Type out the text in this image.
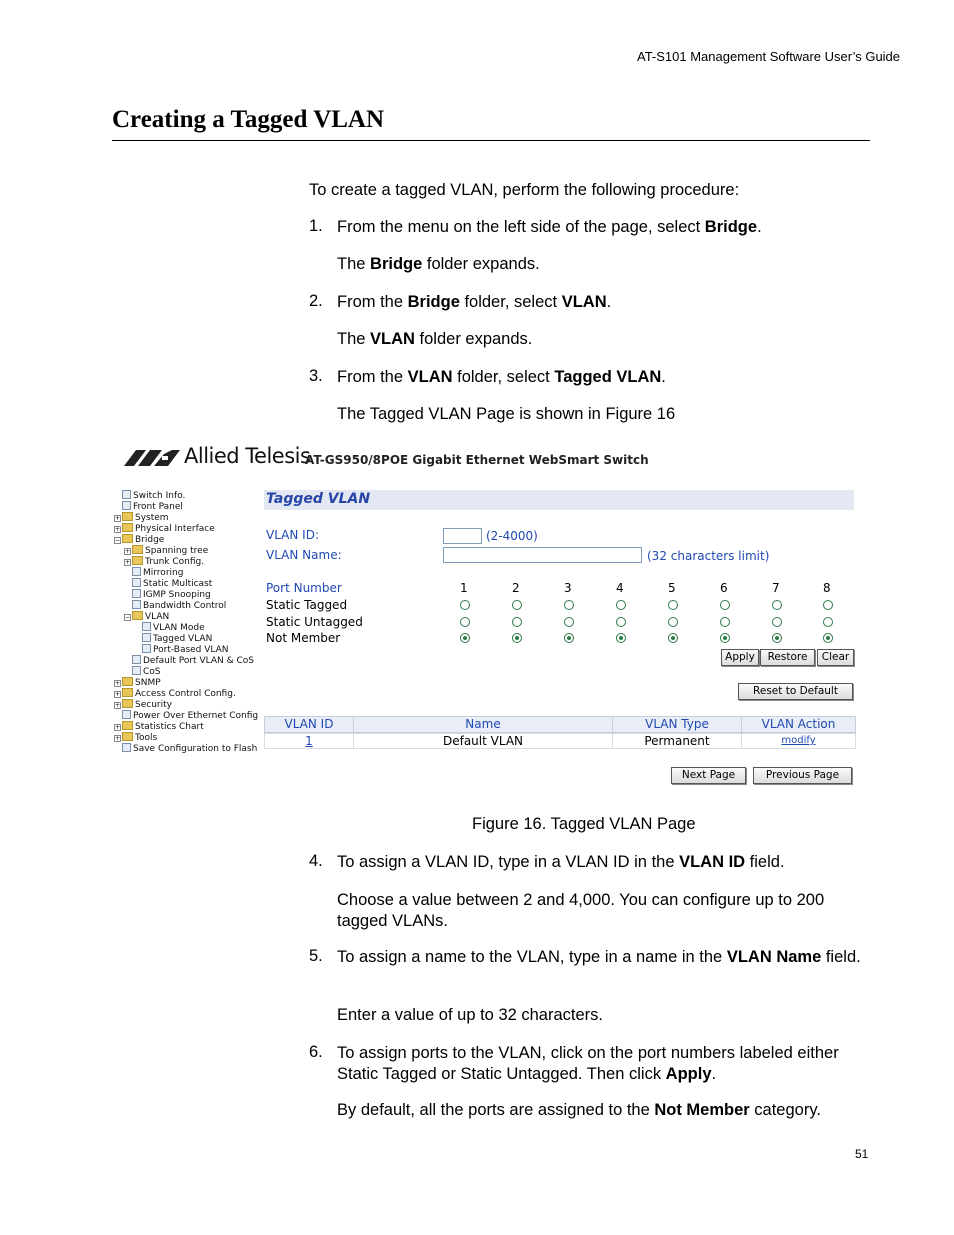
AT-S101 Management Software User’s Guide
Creating a Tagged VLAN
To create a tagged VLAN, perform the following procedure:
1. From the menu on the left side of the page, select Bridge.
The Bridge folder expands.
2. From the Bridge folder, select VLAN.
The VLAN folder expands.
3. From the VLAN folder, select Tagged VLAN.
The Tagged VLAN Page is shown in Figure 16
Allied Telesis
AT-GS950/8POE Gigabit Ethernet WebSmart Switch
Switch Info.
Front Panel
+ System
+ Physical Interface
− Bridge
+ Spanning tree
+ Trunk Config.
Mirroring
Static Multicast
IGMP Snooping
Bandwidth Control
− VLAN
VLAN Mode
Tagged VLAN
Port-Based VLAN
Default Port VLAN & CoS
CoS
+ SNMP
+ Access Control Config.
+ Security
Power Over Ethernet Config
+ Statistics Chart
+ Tools
Save Configuration to Flash
Tagged VLAN
VLAN ID:	(2-4000)
VLAN Name:	(32 characters limit)
Port Number	1	2	3	4	5	6	7	8
Static Tagged
Static Untagged
Not Member
Apply	Restore	Clear
Reset to Default
VLAN ID	Name	VLAN Type	VLAN Action
1	Default VLAN	Permanent	modify
Next Page	Previous Page
Figure 16. Tagged VLAN Page
4. To assign a VLAN ID, type in a VLAN ID in the VLAN ID field.
Choose a value between 2 and 4,000. You can configure up to 200 tagged VLANs.
5. To assign a name to the VLAN, type in a name in the VLAN Name field.
Enter a value of up to 32 characters.
6. To assign ports to the VLAN, click on the port numbers labeled either Static Tagged or Static Untagged. Then click Apply.
By default, all the ports are assigned to the Not Member category.
51
